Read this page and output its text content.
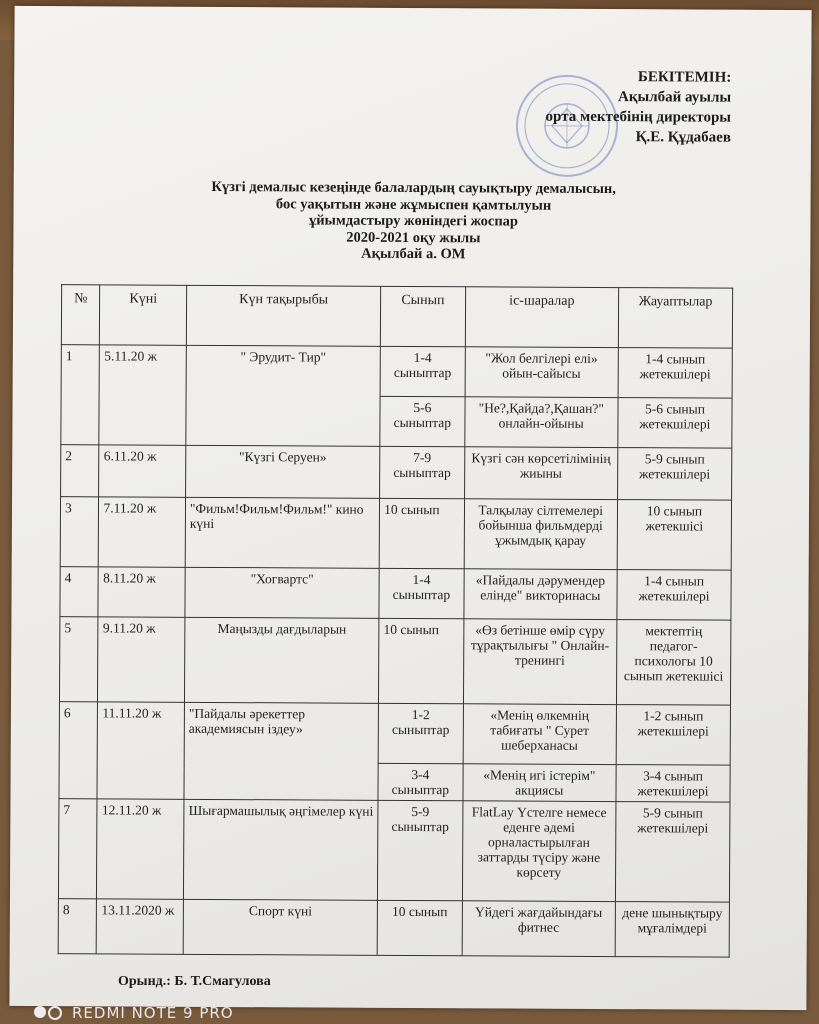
БЕКІТЕМІН:
Ақылбай ауылы
орта мектебінің директоры
Қ.Е. Құдабаев
Күзгі демалыс кезеңінде балалардың сауықтыру демалысын,
бос уақытын және жұмыспен қамтылуын
ұйымдастыру жөніндегі жоспар
2020-2021 оқу жылы
Ақылбай а. ОМ
№	Күні	Күн тақырыбы	Сынып	іс-шаралар	Жауаптылар
1	5.11.20 ж	" Эрудит- Тир"	1-4 сыныптар	"Жол белгілері елі» ойын-сайысы	1-4 сынып жетекшілері
			5-6 сыныптар	"Не?,Қайда?,Қашан?" онлайн-ойыны	5-6 сынып жетекшілері
2	6.11.20 ж	"Күзгі Серуен»	7-9 сыныптар	Күзгі сән көрсетілімінің жиыны	5-9 сынып жетекшілері
3	7.11.20 ж	"Фильм!Фильм!Фильм!" кино күні	10 сынып	Талқылау сілтемелері бойынша фильмдерді ұжымдық қарау	10 сынып жетекшісі
4	8.11.20 ж	"Хогвартс"	1-4 сыныптар	«Пайдалы дәрумендер елінде" викторинасы	1-4 сынып жетекшілері
5	9.11.20 ж	Маңызды дағдыларын	10 сынып	«Өз бетінше өмір сүру тұрақтылығы " Онлайн-тренингі	мектептің педагог-психологы 10 сынып жетекшісі
6	11.11.20 ж	"Пайдалы әрекеттер академиясын іздеу»	1-2 сыныптар	«Менің өлкемнің табиғаты " Сурет шеберханасы	1-2 сынып жетекшілері
			3-4 сыныптар	«Менің игі істерім" акциясы	3-4 сынып жетекшілері
7	12.11.20 ж	Шығармашылық әңгімелер күні	5-9 сыныптар	FlatLay Үстелге немесе еденге әдемі орналастырылған заттарды түсіру және көрсету	5-9 сынып жетекшілері
8	13.11.2020 ж	Спорт күні	10 сынып	Үйдегі жағдайындағы фитнес	дене шынықтыру мұғалімдері
Орынд.: Б. Т.Смагулова
REDMI NOTE 9 PRO
